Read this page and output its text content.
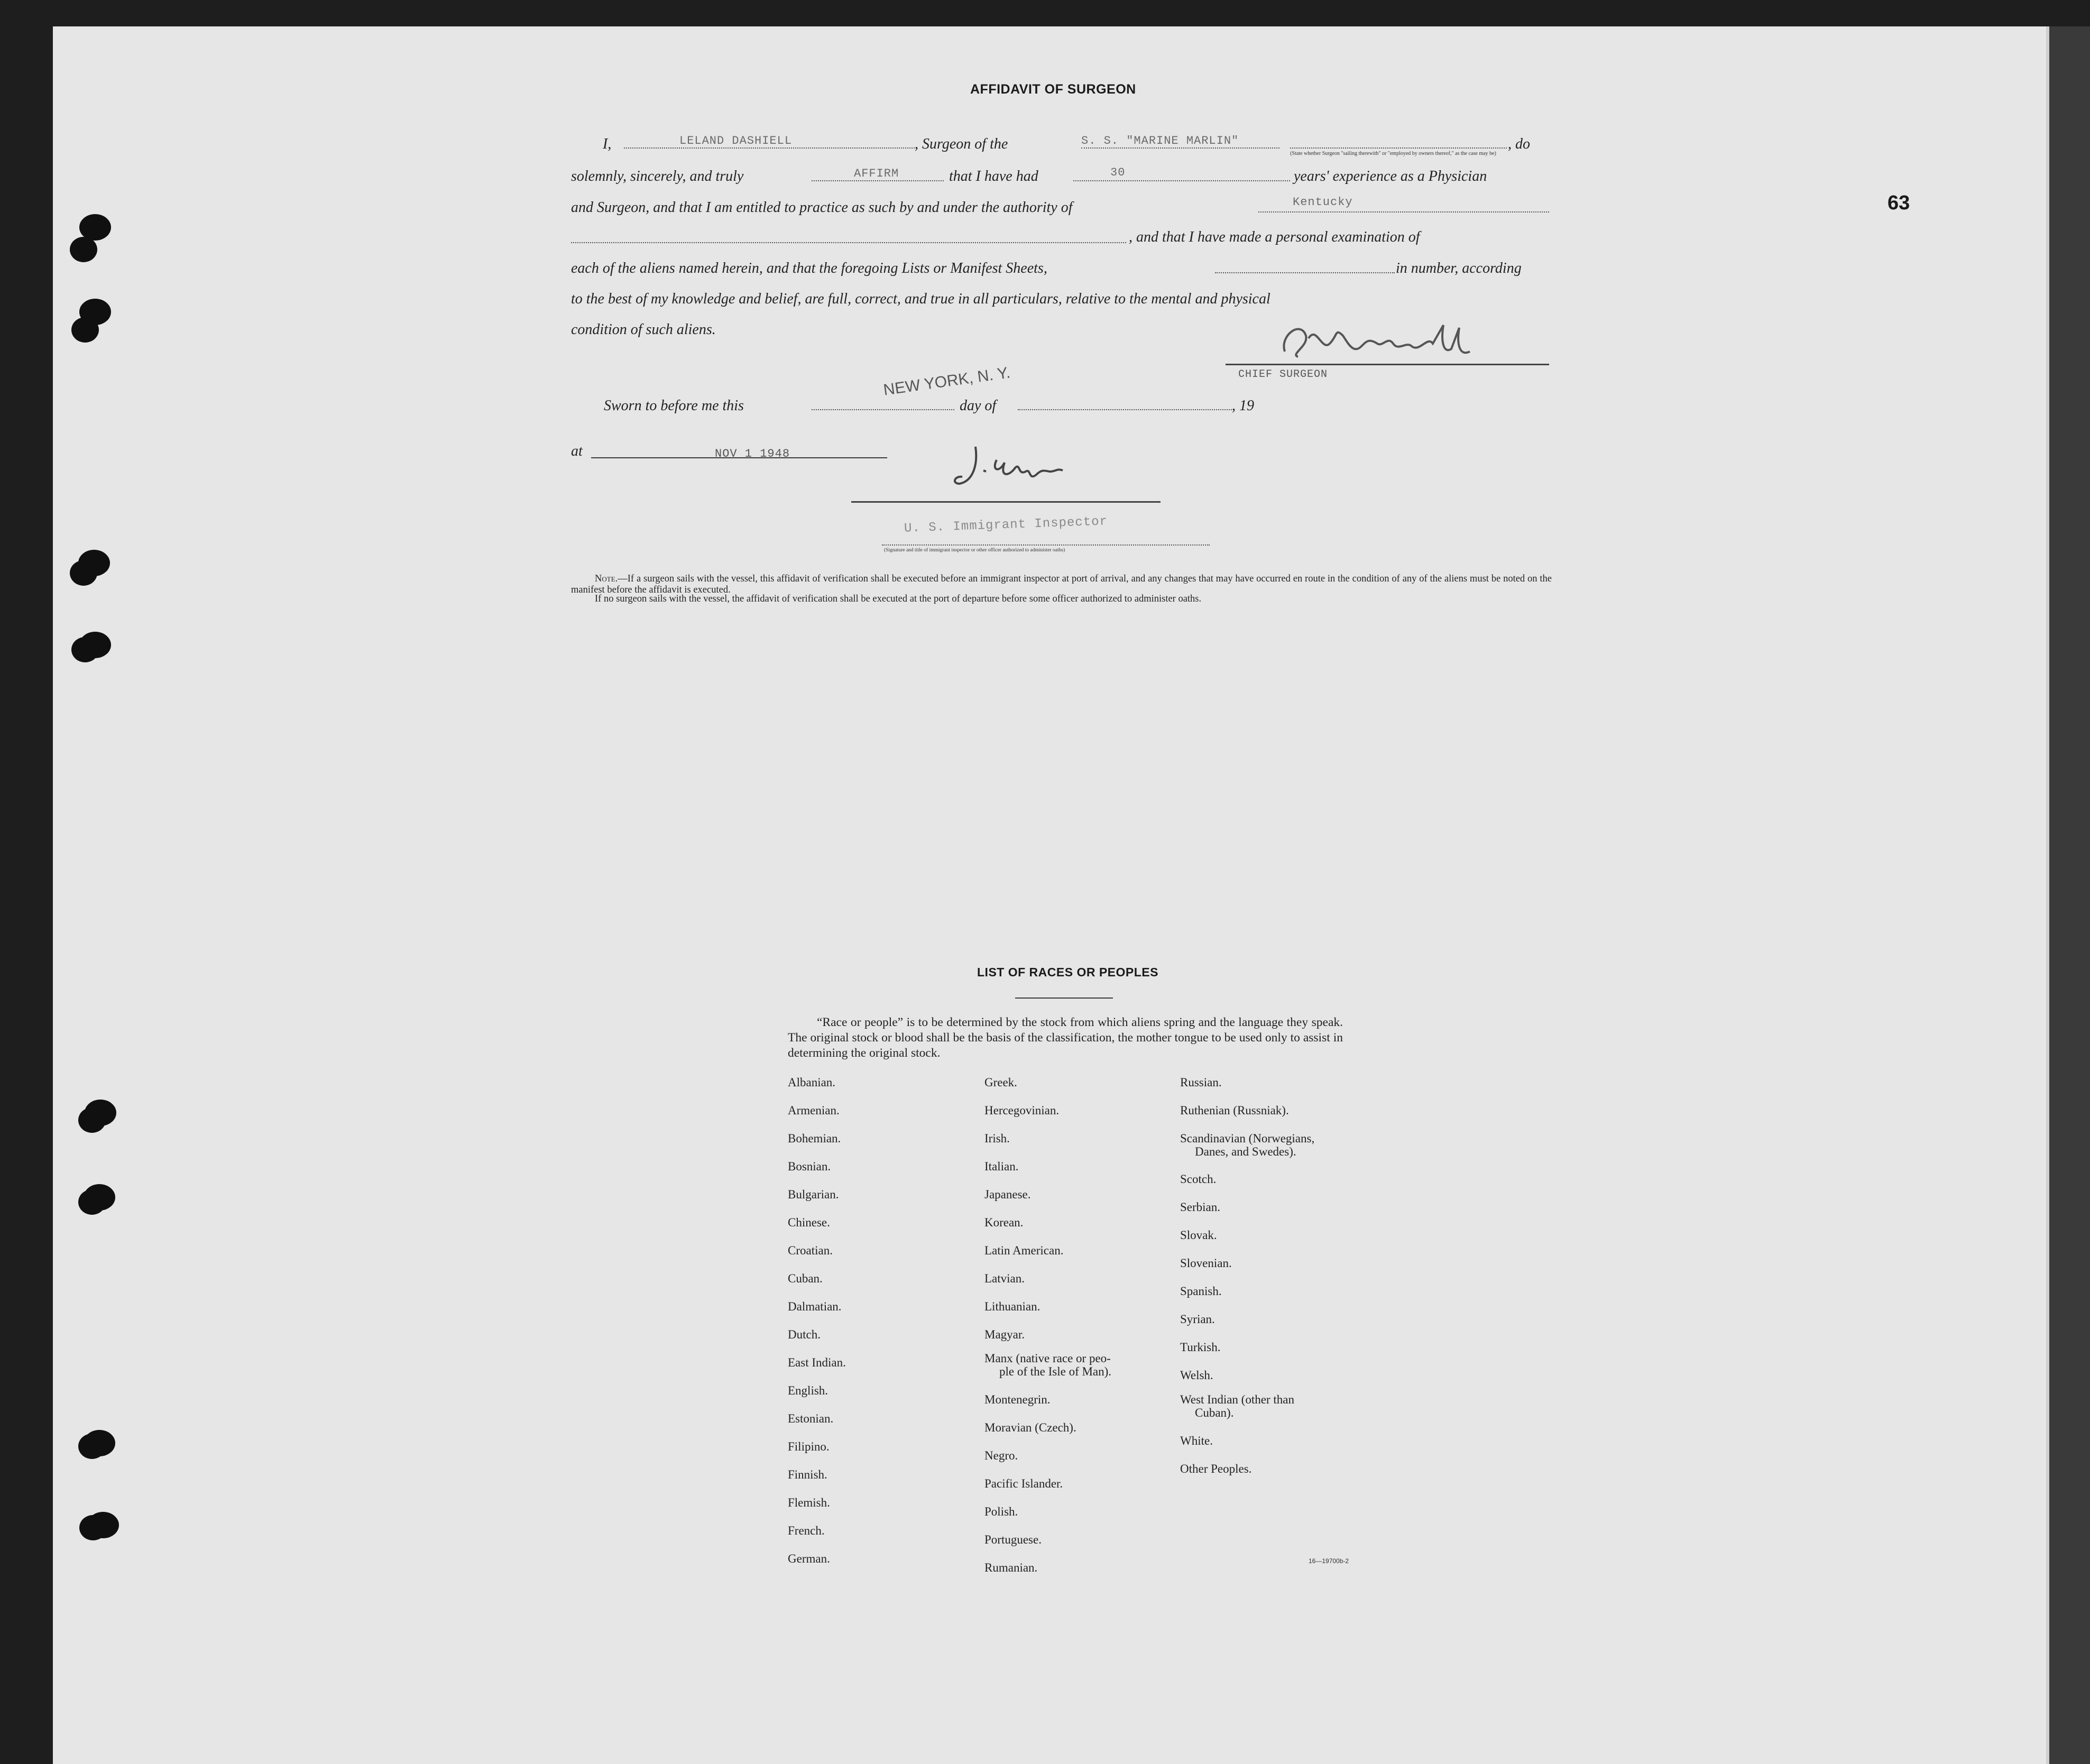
63
AFFIDAVIT OF SURGEON
I,	LELAND DASHIELL	, Surgeon of the	S. S. "MARINE MARLIN"	, do
(State whether Surgeon "sailing therewith" or "employed by owners thereof," as the case may be)
solemnly, sincerely, and truly	AFFIRM	that I have had	30	years' experience as a Physician
and Surgeon, and that I am entitled to practice as such by and under the authority of	Kentucky
, and that I have made a personal examination of
each of the aliens named herein, and that the foregoing Lists or Manifest Sheets,	in number, according
to the best of my knowledge and belief, are full, correct, and true in all particulars, relative to the mental and physical
condition of such aliens.
CHIEF SURGEON
Sworn to before me this
NEW YORK, N. Y.
day of	, 19
at	NOV 1 1948
U. S. Immigrant Inspector
(Signature and title of immigrant inspector or other officer authorized to administer oaths)
Note.—If a surgeon sails with the vessel, this affidavit of verification shall be executed before an immigrant inspector at port of arrival, and any changes that may have occurred en route in the condition of any of the aliens must be noted on the manifest before the affidavit is executed.
If no surgeon sails with the vessel, the affidavit of verification shall be executed at the port of departure before some officer authorized to administer oaths.
LIST OF RACES OR PEOPLES
“Race or people” is to be determined by the stock from which aliens spring and the language they speak. The original stock or blood shall be the basis of the classification, the mother tongue to be used only to assist in determining the original stock.
Albanian.
Armenian.
Bohemian.
Bosnian.
Bulgarian.
Chinese.
Croatian.
Cuban.
Dalmatian.
Dutch.
East Indian.
English.
Estonian.
Filipino.
Finnish.
Flemish.
French.
German.
Greek.
Hercegovinian.
Irish.
Italian.
Japanese.
Korean.
Latin American.
Latvian.
Lithuanian.
Magyar.
Manx (native race or peo-
ple of the Isle of Man).
Montenegrin.
Moravian (Czech).
Negro.
Pacific Islander.
Polish.
Portuguese.
Rumanian.
Russian.
Ruthenian (Russniak).
Scandinavian (Norwegians,
Danes, and Swedes).
Scotch.
Serbian.
Slovak.
Slovenian.
Spanish.
Syrian.
Turkish.
Welsh.
West Indian (other than
Cuban).
White.
Other Peoples.
16—19700b-2
